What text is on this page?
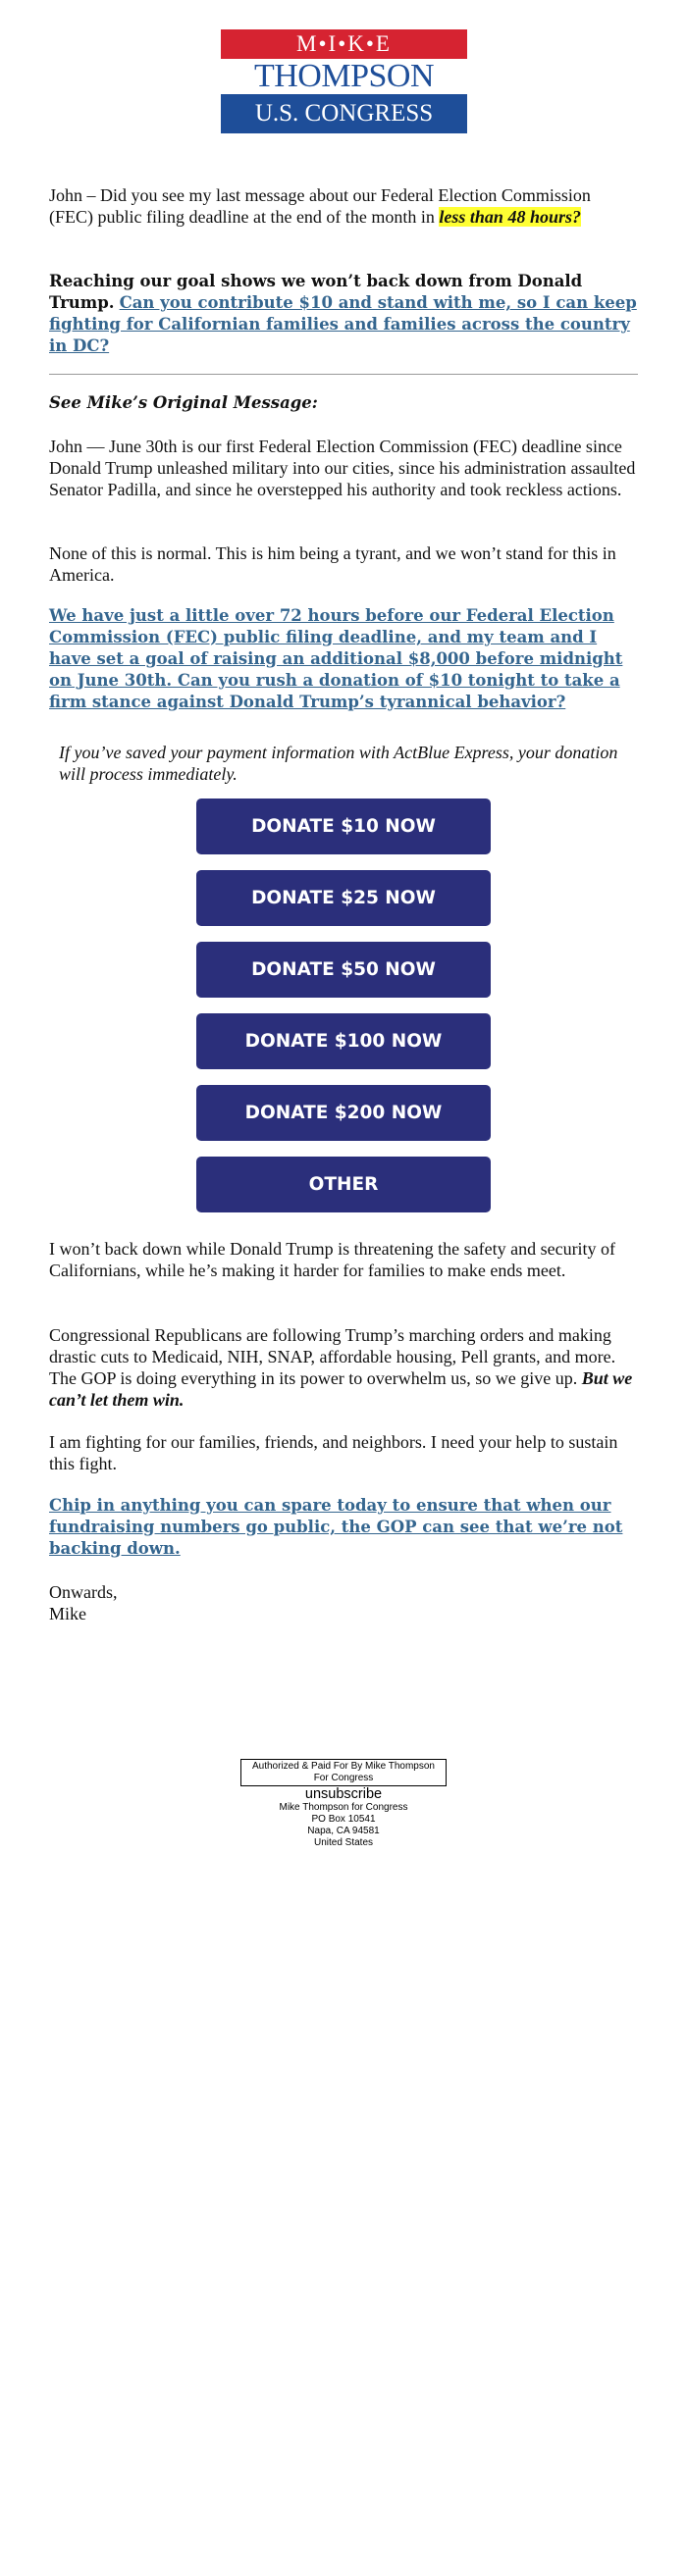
M•I•K•E
THOMPSON
U.S. CONGRESS

John – Did you see my last message about our Federal Election Commission (FEC) public filing deadline at the end of the month in less than 48 hours?

Reaching our goal shows we won’t back down from Donald Trump. Can you contribute $10 and stand with me, so I can keep fighting for Californian families and families across the country in DC?

See Mike’s Original Message:

John — June 30th is our first Federal Election Commission (FEC) deadline since Donald Trump unleashed military into our cities, since his administration assaulted Senator Padilla, and since he overstepped his authority and took reckless actions.

None of this is normal. This is him being a tyrant, and we won’t stand for this in America.

We have just a little over 72 hours before our Federal Election Commission (FEC) public filing deadline, and my team and I have set a goal of raising an additional $8,000 before midnight on June 30th. Can you rush a donation of $10 tonight to take a firm stance against Donald Trump’s tyrannical behavior?

If you’ve saved your payment information with ActBlue Express, your donation will process immediately.

DONATE $10 NOW
DONATE $25 NOW
DONATE $50 NOW
DONATE $100 NOW
DONATE $200 NOW
OTHER

I won’t back down while Donald Trump is threatening the safety and security of Californians, while he’s making it harder for families to make ends meet.

Congressional Republicans are following Trump’s marching orders and making drastic cuts to Medicaid, NIH, SNAP, affordable housing, Pell grants, and more. The GOP is doing everything in its power to overwhelm us, so we give up. But we can’t let them win.

I am fighting for our families, friends, and neighbors. I need your help to sustain this fight.

Chip in anything you can spare today to ensure that when our fundraising numbers go public, the GOP can see that we’re not backing down.

Onwards,

Mike

Authorized & Paid For By Mike Thompson For Congress
unsubscribe
Mike Thompson for Congress
PO Box 10541
Napa, CA 94581
United States
